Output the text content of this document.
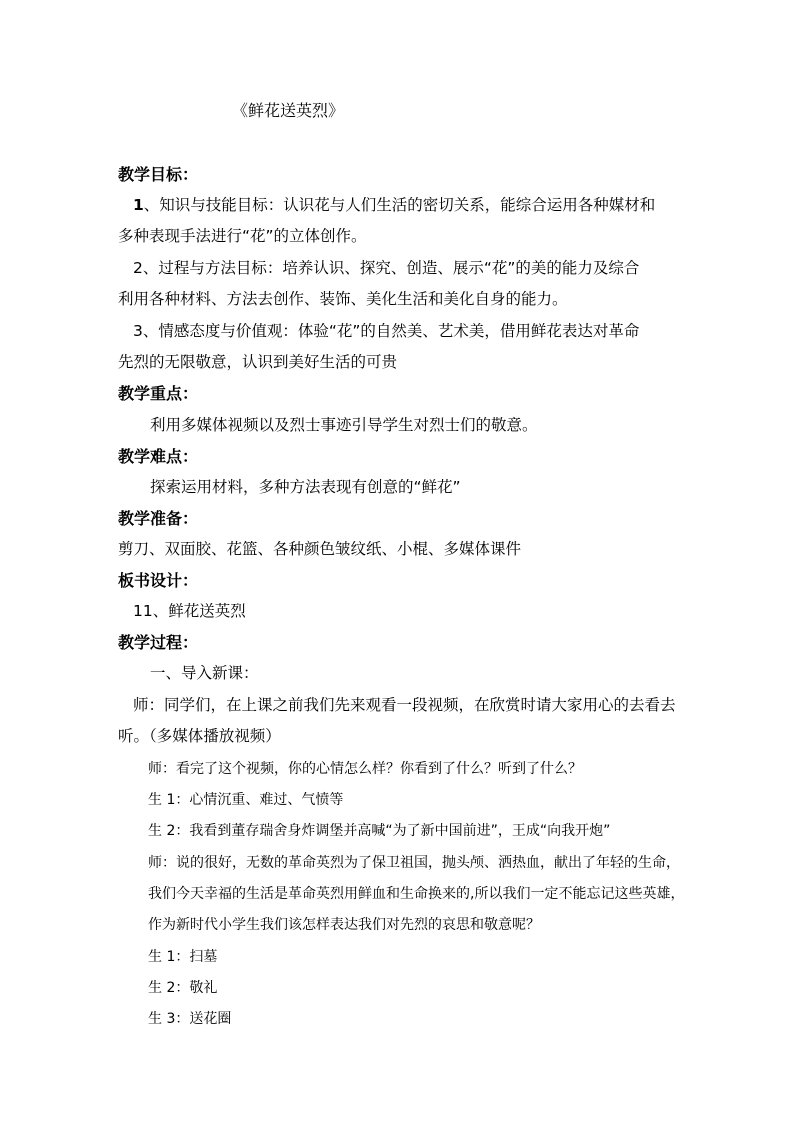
《鲜花送英烈》
教学目标：
1、知识与技能目标：认识花与人们生活的密切关系，能综合运用各种媒材和
多种表现手法进行“花”的立体创作。
2、过程与方法目标：培养认识、探究、创造、展示“花”的美的能力及综合
利用各种材料、方法去创作、装饰、美化生活和美化自身的能力。
3、情感态度与价值观：体验“花”的自然美、艺术美，借用鲜花表达对革命
先烈的无限敬意，认识到美好生活的可贵
教学重点：
利用多媒体视频以及烈士事迹引导学生对烈士们的敬意。
教学难点：
探索运用材料，多种方法表现有创意的“鲜花”
教学准备：
剪刀、双面胶、花篮、各种颜色皱纹纸、小棍、多媒体课件
板书设计：
11、鲜花送英烈
教学过程：
一、导入新课：
师：同学们，在上课之前我们先来观看一段视频，在欣赏时请大家用心的去看去
听。（多媒体播放视频）
师：看完了这个视频，你的心情怎么样？你看到了什么？听到了什么？
生 1：心情沉重、难过、气愤等
生 2：我看到董存瑞舍身炸调堡并高喊“为了新中国前进”，王成“向我开炮”
师：说的很好，无数的革命英烈为了保卫祖国，抛头颅、洒热血，献出了年轻的生命，
我们今天幸福的生活是革命英烈用鲜血和生命换来的,所以我们一定不能忘记这些英雄，
作为新时代小学生我们该怎样表达我们对先烈的哀思和敬意呢？
生 1：扫墓
生 2：敬礼
生 3：送花圈
